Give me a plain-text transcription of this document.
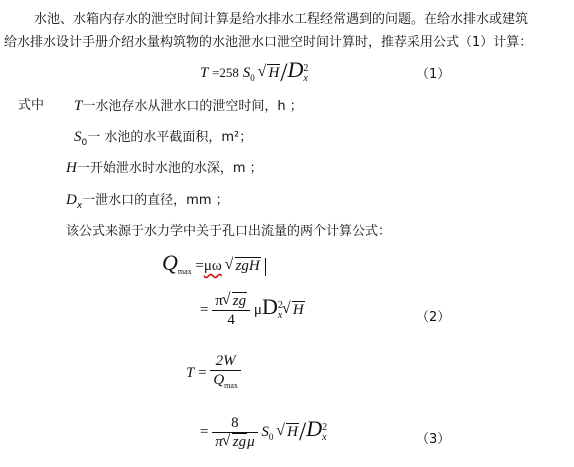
水池、水箱内存水的泄空时间计算是给水排水工程经常遇到的问题。在给水排水或建筑
给水排水设计手册介绍水量构筑物的水池泄水口泄空时间计算时，推荐采用公式（1）计算：
T =258 $S_0$ √ H/D2
x	（1）
式中 T一水池存水从泄水口的泄空时间，h ；
$S_0$一 水池的水平截面积，m²；
H一开始泄水时水池的水深，m ；
$D_x$一泄水口的直径，mm ；
该公式来源于水力学中关于孔口出流量的两个计算公式：
$Q_{max} =\mu\omega$ √ zgH
= $\frac{\pi √ zg}{4} \mu D2$
x √ H	（2）
$T = \frac{2W}{Q_{max}}$
= $\frac{8}{\text{π √ zgμ}} S_0$ √ H/D2
x	（3）
